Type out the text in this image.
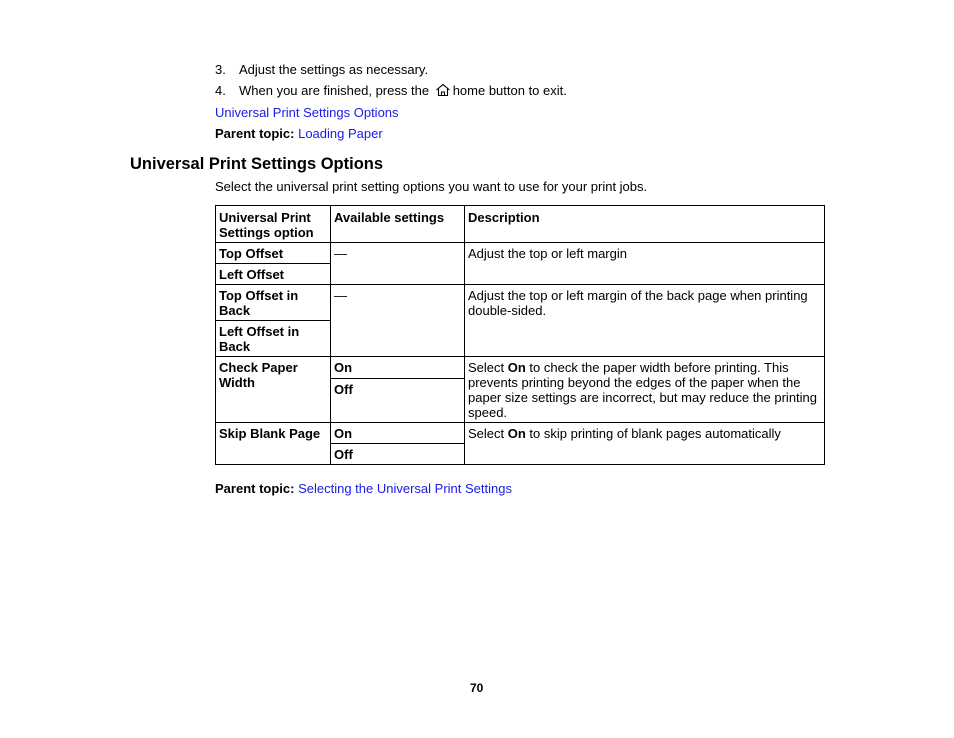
3. Adjust the settings as necessary.
4. When you are finished, press the home button to exit.
Universal Print Settings Options
Parent topic: Loading Paper
Universal Print Settings Options
Select the universal print setting options you want to use for your print jobs.
Universal Print Settings option	Available settings	Description
Top Offset	—	Adjust the top or left margin
Left Offset		
Top Offset in Back	—	Adjust the top or left margin of the back page when printing double-sided.
Left Offset in Back		
Check Paper Width	On	Select On to check the paper width before printing. This prevents printing beyond the edges of the paper when the paper size settings are incorrect, but may reduce the printing speed.
	Off	
Skip Blank Page	On	Select On to skip printing of blank pages automatically
	Off	
Parent topic: Selecting the Universal Print Settings
70
